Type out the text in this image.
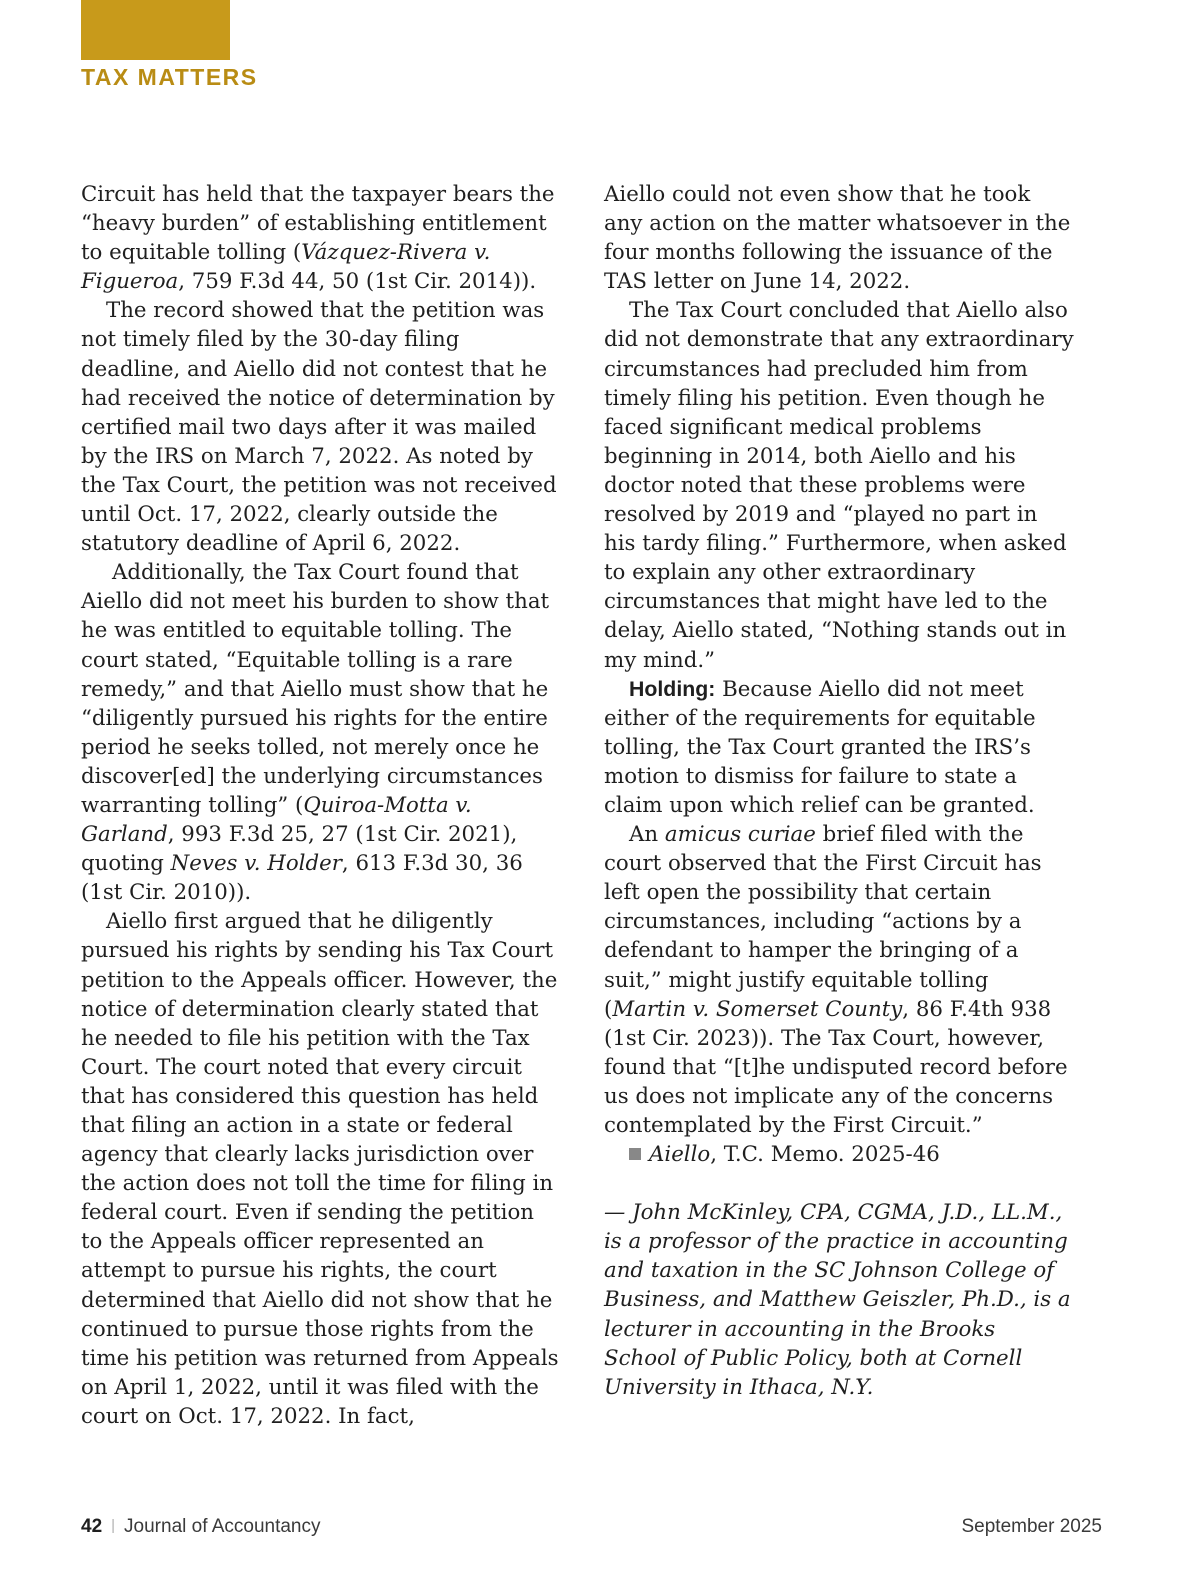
TAX MATTERS

Circuit has held that the taxpayer bears the “heavy burden” of establishing entitlement to equitable tolling (Vázquez-Rivera v. Figueroa, 759 F.3d 44, 50 (1st Cir. 2014)).

The record showed that the petition was not timely filed by the 30-day filing deadline, and Aiello did not contest that he had received the notice of determination by certified mail two days after it was mailed by the IRS on March 7, 2022. As noted by the Tax Court, the petition was not received until Oct. 17, 2022, clearly outside the statutory deadline of April 6, 2022.

Additionally, the Tax Court found that Aiello did not meet his burden to show that he was entitled to equitable tolling. The court stated, “Equitable tolling is a rare remedy,” and that Aiello must show that he “diligently pursued his rights for the entire period he seeks tolled, not merely once he discover[ed] the underlying circumstances warranting tolling” (Quiroa-Motta v. Garland, 993 F.3d 25, 27 (1st Cir. 2021), quoting Neves v. Holder, 613 F.3d 30, 36 (1st Cir. 2010)).

Aiello first argued that he diligently pursued his rights by sending his Tax Court petition to the Appeals officer. However, the notice of determination clearly stated that he needed to file his petition with the Tax Court. The court noted that every circuit that has considered this question has held that filing an action in a state or federal agency that clearly lacks jurisdiction over the action does not toll the time for filing in federal court. Even if sending the petition to the Appeals officer represented an attempt to pursue his rights, the court determined that Aiello did not show that he continued to pursue those rights from the time his petition was returned from Appeals on April 1, 2022, until it was filed with the court on Oct. 17, 2022. In fact,

Aiello could not even show that he took any action on the matter whatsoever in the four months following the issuance of the TAS letter on June 14, 2022.

The Tax Court concluded that Aiello also did not demonstrate that any extraordinary circumstances had precluded him from timely filing his petition. Even though he faced significant medical problems beginning in 2014, both Aiello and his doctor noted that these problems were resolved by 2019 and “played no part in his tardy filing.” Furthermore, when asked to explain any other extraordinary circumstances that might have led to the delay, Aiello stated, “Nothing stands out in my mind.”

Holding: Because Aiello did not meet either of the requirements for equitable tolling, the Tax Court granted the IRS’s motion to dismiss for failure to state a claim upon which relief can be granted.

An amicus curiae brief filed with the court observed that the First Circuit has left open the possibility that certain circumstances, including “actions by a defendant to hamper the bringing of a suit,” might justify equitable tolling (Martin v. Somerset County, 86 F.4th 938 (1st Cir. 2023)). The Tax Court, however, found that “[t]he undisputed record before us does not implicate any of the concerns contemplated by the First Circuit.”

Aiello, T.C. Memo. 2025-46

— John McKinley, CPA, CGMA, J.D., LL.M., is a professor of the practice in accounting and taxation in the SC Johnson College of Business, and Matthew Geiszler, Ph.D., is a lecturer in accounting in the Brooks School of Public Policy, both at Cornell University in Ithaca, N.Y.

42 | Journal of Accountancy	September 2025
